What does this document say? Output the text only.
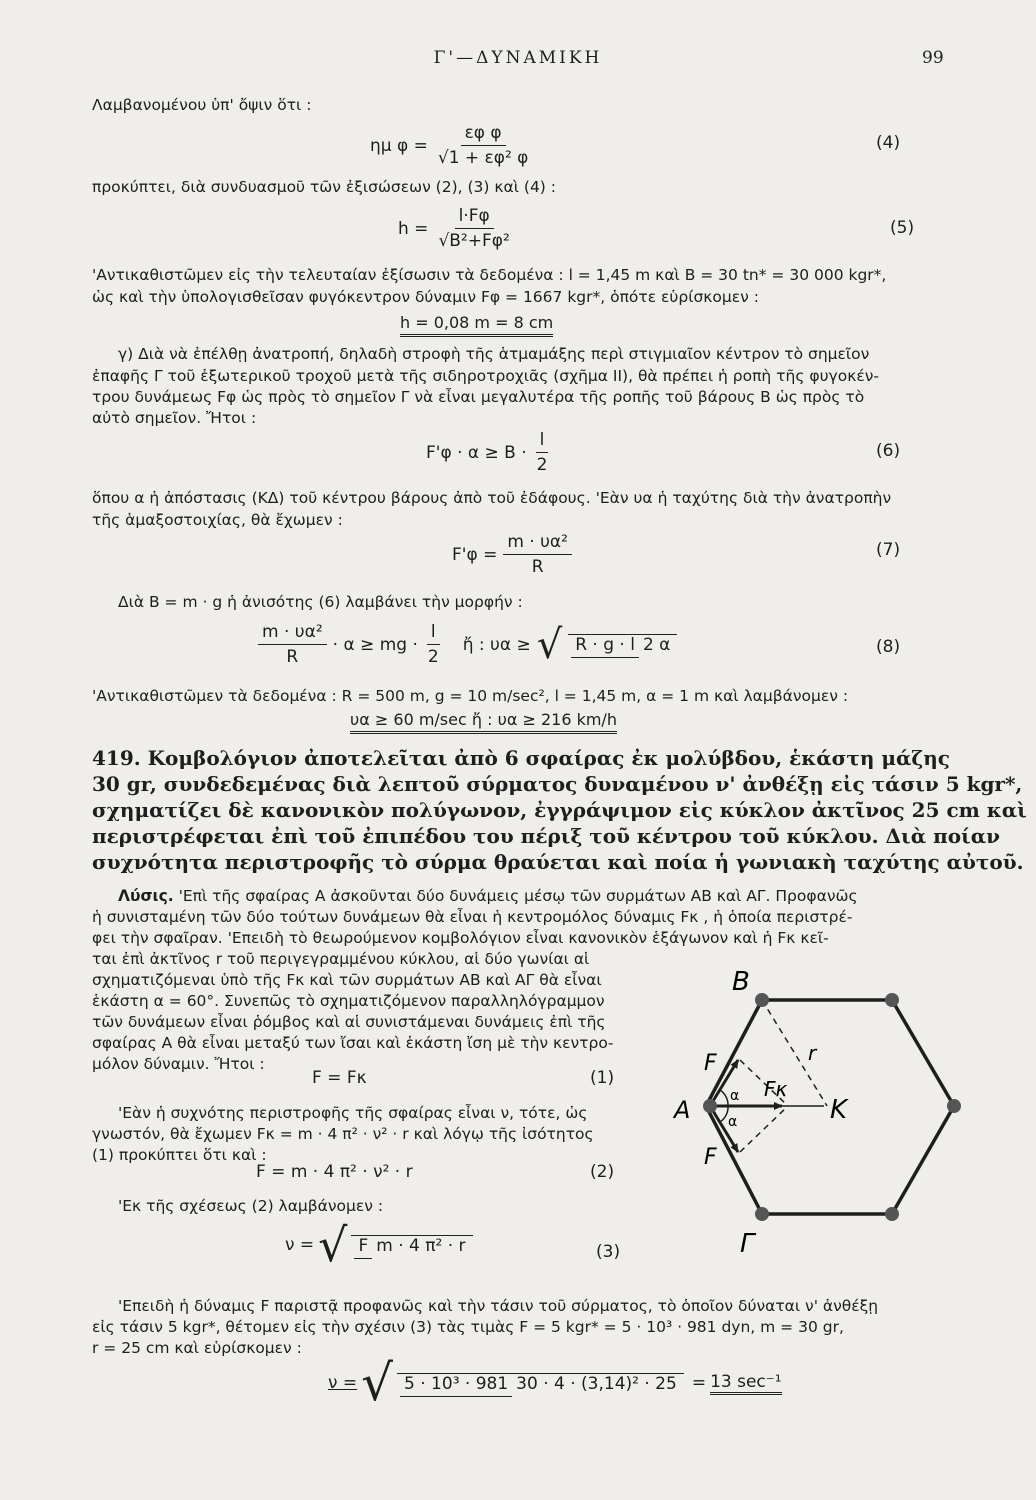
Γ'—ΔΥΝΑΜΙΚΗ	99
Λαμβανομένου ὑπ' ὄψιν ὅτι :
ημ $\varphi = \frac{\text{εφ φ}}{\text{√1 + εφ² φ}}$	(4)
προκύπτει, διὰ συνδυασμοῦ τῶν ἐξισώσεων (2), (3) καὶ (4) :
$h = \frac{l\cdot F\varphi}{\text{√B²+Fφ²}}$	(5)
'Αντικαθιστῶμεν εἰς τὴν τελευταίαν ἐξίσωσιν τὰ δεδομένα : l = 1,45 m καὶ B = 30 tn* = 30 000 kgr*,
ὡς καὶ τὴν ὑπολογισθεῖσαν φυγόκεντρον δύναμιν Fφ = 1667 kgr*, ὁπότε εὑρίσκομεν :
h = 0,08 m = 8 cm
γ) Διὰ νὰ ἐπέλθῃ ἀνατροπή, δηλαδὴ στροφὴ τῆς ἁτμαμάξης περὶ στιγμιαῖον κέντρον τὸ σημεῖον
ἐπαφῆς Γ τοῦ ἐξωτερικοῦ τροχοῦ μετὰ τῆς σιδηροτροχιᾶς (σχῆμα II), θὰ πρέπει ἡ ροπὴ τῆς φυγοκέν-
τρου δυνάμεως Fφ ὡς πρὸς τὸ σημεῖον Γ νὰ εἶναι μεγαλυτέρα τῆς ροπῆς τοῦ βάρους B ὡς πρὸς τὸ
αὐτὸ σημεῖον. Ἤτοι :
$F'\varphi \cdot \alpha \ge B \cdot \frac{l}{2}$	(6)
ὅπου α ἡ ἀπόστασις (ΚΔ) τοῦ κέντρου βάρους ἀπὸ τοῦ ἐδάφους. 'Εὰν υα ἡ ταχύτης διὰ τὴν ἀνατροπὴν
τῆς ἁμαξοστοιχίας, θὰ ἔχωμεν :
$F'\varphi = \frac{\text{m · υα²}}{R}$	(7)
Διὰ B = m · g ἡ ἀνισότης (6) λαμβάνει τὴν μορφήν :
$\frac{\text{m · υα²}}{R} \cdot \alpha$ ≥ mg · $\frac{l}{2}$ ἤ : υα ≥ √ R · g · l 2 α	(8)
'Αντικαθιστῶμεν τὰ δεδομένα : R = 500 m, g = 10 m/sec², l = 1,45 m, α = 1 m καὶ λαμβάνομεν :
υα ≥ 60 m/sec ἤ : υα ≥ 216 km/h
419. Κομβολόγιον ἀποτελεῖται ἀπὸ 6 σφαίρας ἐκ μολύβδου, ἑκάστη μάζης
30 gr, συνδεδεμένας διὰ λεπτοῦ σύρματος δυναμένου ν' ἀνθέξῃ εἰς τάσιν 5 kgr*,
σχηματίζει δὲ κανονικὸν πολύγωνον, ἐγγράψιμον εἰς κύκλον ἀκτῖνος 25 cm καὶ
περιστρέφεται ἐπὶ τοῦ ἐπιπέδου του πέριξ τοῦ κέντρου τοῦ κύκλου. Διὰ ποίαν
συχνότητα περιστροφῆς τὸ σύρμα θραύεται καὶ ποία ἡ γωνιακὴ ταχύτης αὐτοῦ.
Λύσις. 'Επὶ τῆς σφαίρας Α ἀσκοῦνται δύο δυνάμεις μέσῳ τῶν συρμάτων ΑΒ καὶ ΑΓ. Προφανῶς
ἡ συνισταμένη τῶν δύο τούτων δυνάμεων θὰ εἶναι ἡ κεντρομόλος δύναμις Fκ , ἡ ὁποία περιστρέ-
φει τὴν σφαῖραν. 'Επειδὴ τὸ θεωρούμενον κομβολόγιον εἶναι κανονικὸν ἑξάγωνον καὶ ἡ Fκ κεῖ-
ται ἐπὶ ἀκτῖνος r τοῦ περιγεγραμμένου κύκλου, αἱ δύο γωνίαι αἱ
σχηματιζόμεναι ὑπὸ τῆς Fκ καὶ τῶν συρμάτων ΑΒ καὶ ΑΓ θὰ εἶναι
ἑκάστη α = 60°. Συνεπῶς τὸ σχηματιζόμενον παραλληλόγραμμον
τῶν δυνάμεων εἶναι ῥόμβος καὶ αἱ συνιστάμεναι δυνάμεις ἐπὶ τῆς
σφαίρας Α θὰ εἶναι μεταξύ των ἴσαι καὶ ἑκάστη ἴση μὲ τὴν κεντρο-
μόλον δύναμιν. Ἤτοι :
F = Fκ	(1)
'Εὰν ἡ συχνότης περιστροφῆς τῆς σφαίρας εἶναι ν, τότε, ὡς
γνωστόν, θὰ ἔχωμεν Fκ = m · 4 π² · ν² · r καὶ λόγῳ τῆς ἰσότητος
(1) προκύπτει ὅτι καὶ :
F = m · 4 π² · ν² · r	(2)
'Εκ τῆς σχέσεως (2) λαμβάνομεν :
ν = √ F m · 4 π² · r	(3)
'Επειδὴ ἡ δύναμις F παριστᾷ προφανῶς καὶ τὴν τάσιν τοῦ σύρματος, τὸ ὁποῖον δύναται ν' ἀνθέξῃ
εἰς τάσιν 5 kgr*, θέτομεν εἰς τὴν σχέσιν (3) τὰς τιμὰς F = 5 kgr* = 5 · 10³ · 981 dyn, m = 30 gr,
r = 25 cm καὶ εὑρίσκομεν :
ν = √ 5 · 10³ · 981 30 · 4 · (3,14)² · 25 = 13 sec⁻¹
B
Γ
A	K
F
F
Fκ
r
α
α
